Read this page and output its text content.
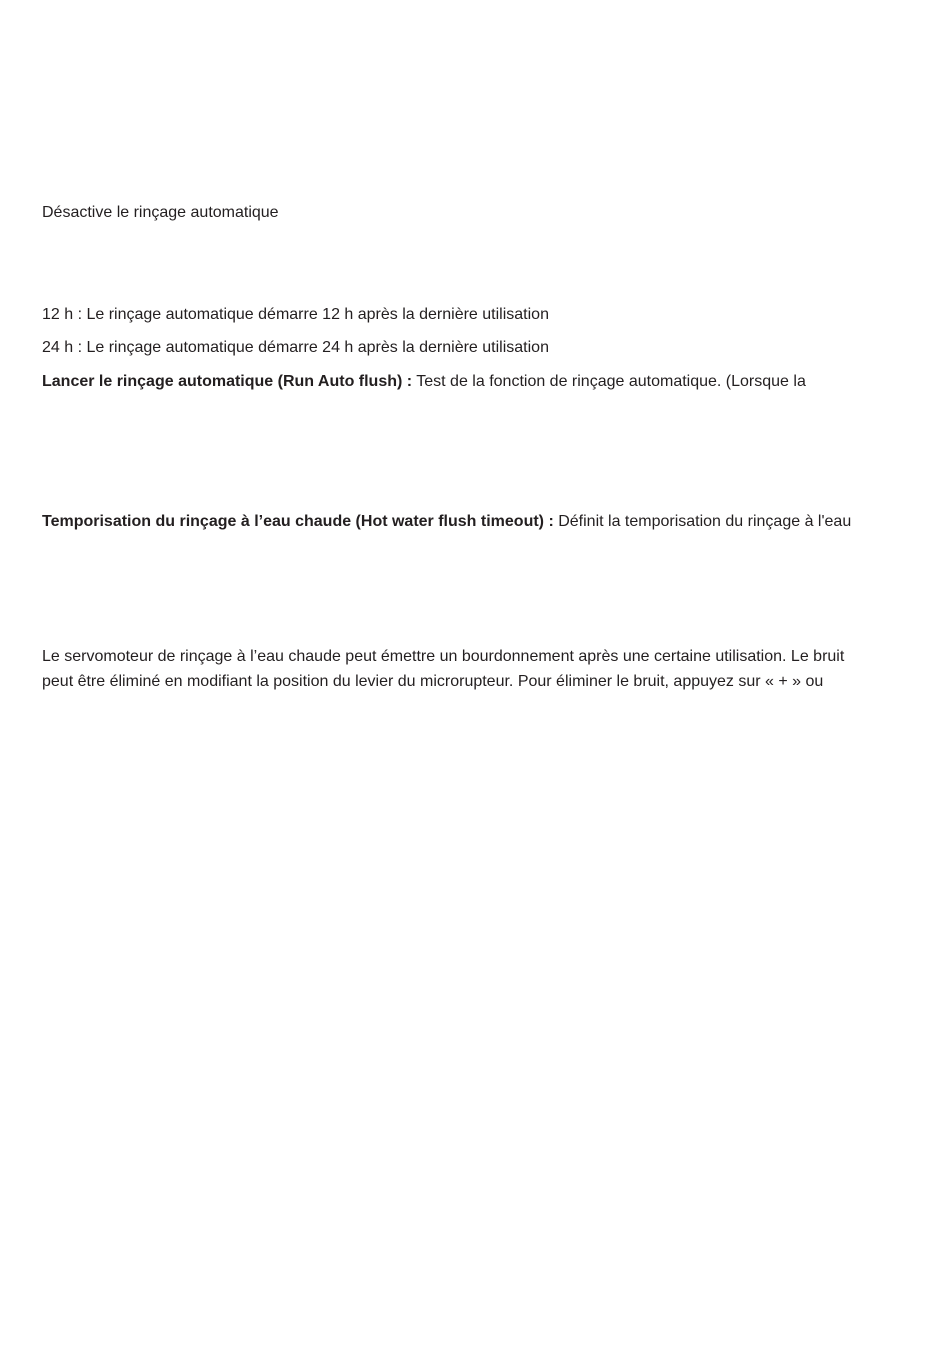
Désactive le rinçage automatique
12 h : Le rinçage automatique démarre 12 h après la dernière utilisation
24 h : Le rinçage automatique démarre 24 h après la dernière utilisation
Lancer le rinçage automatique (Run Auto flush) : Test de la fonction de rinçage automatique. (Lorsque la
Temporisation du rinçage à l’eau chaude (Hot water flush timeout) : Définit la temporisation du rinçage à l'eau
Le servomoteur de rinçage à l’eau chaude peut émettre un bourdonnement après une certaine utilisation. Le bruit
peut être éliminé en modifiant la position du levier du microrupteur. Pour éliminer le bruit, appuyez sur « + » ou
